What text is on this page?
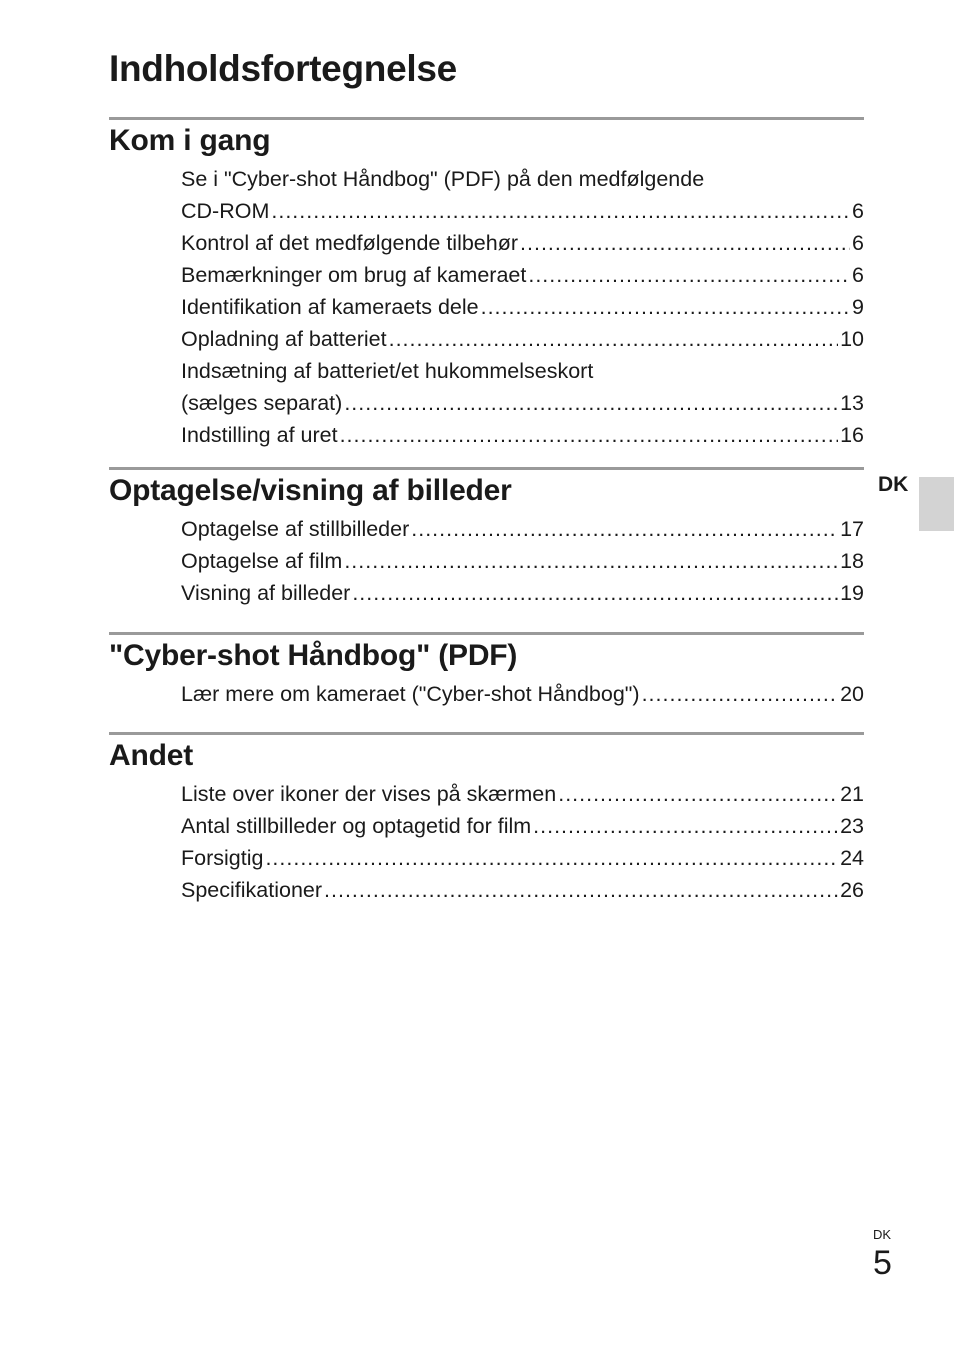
Indholdsfortegnelse
Kom i gang
Se i "Cyber-shot Håndbog" (PDF) på den medfølgende
CD-ROM .....	6
Kontrol af det medfølgende tilbehør .....	6
Bemærkninger om brug af kameraet .....	6
Identifikation af kameraets dele .....	9
Opladning af batteriet .....	10
Indsætning af batteriet/et hukommelseskort
(sælges separat) .....	13
Indstilling af uret .....	16
Optagelse/visning af billeder
Optagelse af stillbilleder .....	17
Optagelse af film .....	18
Visning af billeder .....	19
"Cyber-shot Håndbog" (PDF)
Lær mere om kameraet ("Cyber-shot Håndbog") .....	20
Andet
Liste over ikoner der vises på skærmen .....	21
Antal stillbilleder og optagetid for film .....	23
Forsigtig .....	24
Specifikationer .....	26
DK
DK
5
